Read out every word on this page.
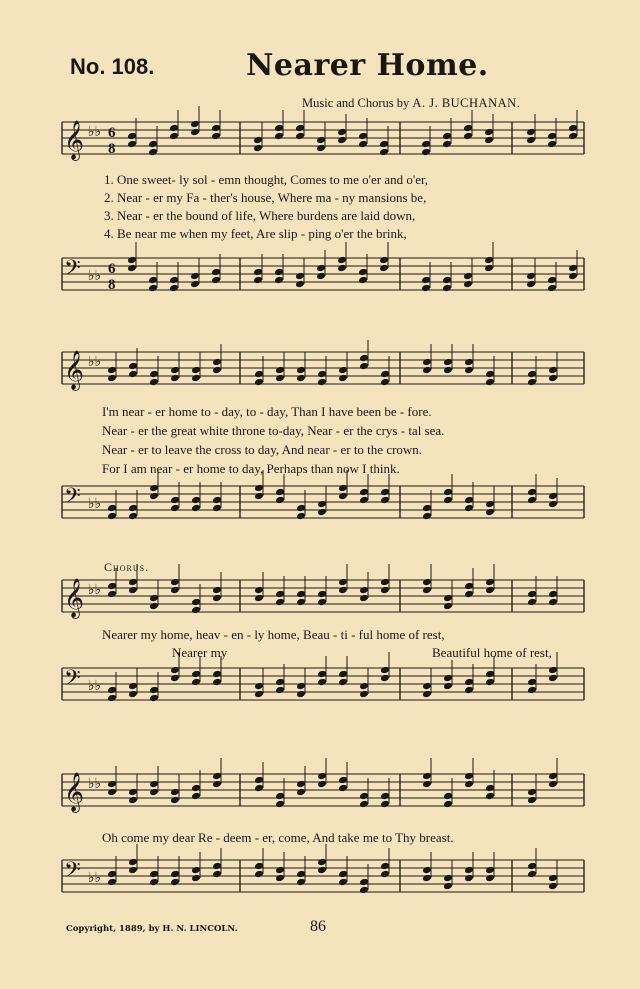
No. 108.	Nearer Home.
Music and Chorus by A. J. BUCHANAN.
𝄞 ♭♭ 6
8
1. One sweet- ly sol - emn thought, Comes to me o'er and o'er,
2. Near - er my Fa - ther's house, Where ma - ny mansions be,
3. Near - er the bound of life, Where burdens are laid down,
4. Be near me when my feet, Are slip - ping o'er the brink,
𝄢 ♭♭ 6
8
𝄞 ♭♭
I'm near - er home to - day, to - day, Than I have been be - fore.
Near - er the great white throne to-day, Near - er the crys - tal sea.
Near - er to leave the cross to day, And near - er to the crown.
For I am near - er home to day, Perhaps than now I think.
𝄢 ♭♭
Chorus.
𝄞 ♭♭
Nearer my home, heav - en - ly home, Beau - ti - ful home of rest,
Nearer my	Beautiful home of rest,
𝄢 ♭♭
𝄞 ♭♭
Oh come my dear Re - deem - er, come, And take me to Thy breast.
𝄢 ♭♭
Copyright, 1889, by H. N. LINCOLN.	86
